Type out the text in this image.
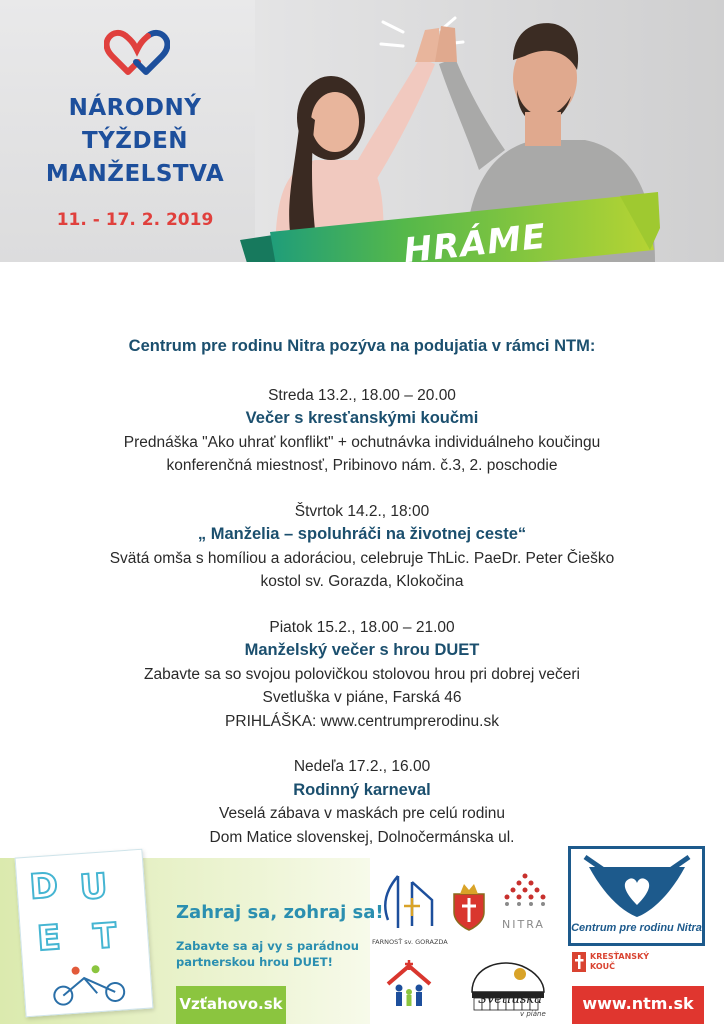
NÁRODNÝ
TÝŽDEŇ
MANŽELSTVA
11. - 17. 2. 2019	HRÁME SPOLU!
Centrum pre rodinu Nitra pozýva na podujatia v rámci NTM:
Streda 13.2., 18.00 – 20.00
Večer s kresťanskými koučmi
Prednáška "Ako uhrať konflikt" + ochutnávka individuálneho koučingu
konferenčná miestnosť, Pribinovo nám. č.3, 2. poschodie
Štvrtok 14.2., 18:00
„ Manželia – spoluhráči na životnej ceste“
Svätá omša s homíliou a adoráciou, celebruje ThLic. PaeDr. Peter Čieško
kostol sv. Gorazda, Klokočina
Piatok 15.2., 18.00 – 21.00
Manželský večer s hrou DUET
Zabavte sa so svojou polovičkou stolovou hrou pri dobrej večeri
Svetluška v piáne, Farská 46
PRIHLÁŠKA: www.centrumprerodinu.sk
Nedeľa 17.2., 16.00
Rodinný karneval
Veselá zábava v maskách pre celú rodinu
Dom Matice slovenskej, Dolnočermánska ul.
D U
E T
Zahraj sa, zohraj sa!
Zabavte sa aj vy s parádnou partnerskou hrou DUET!
Vzťahovo.sk
FARNOSŤ sv. GORAZDA
NITRA
Svetluška
v piáne
Centrum pre rodinu Nitra
KRESŤANSKÝ
KOUČ
www.ntm.sk
